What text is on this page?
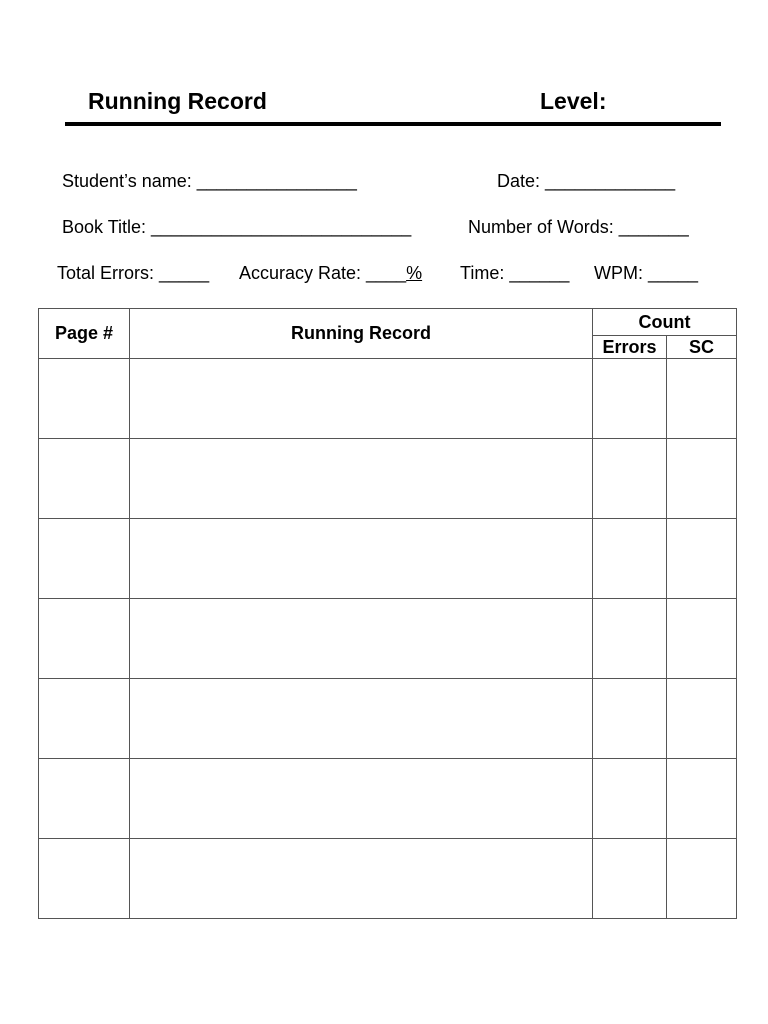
Running Record	Level:
Student’s name: ________________	Date: _____________
Book Title: __________________________	Number of Words: _______
Total Errors: _____ Accuracy Rate: ____% Time: ______ WPM: _____
Page #	Running Record	Count	
		Errors	SC
